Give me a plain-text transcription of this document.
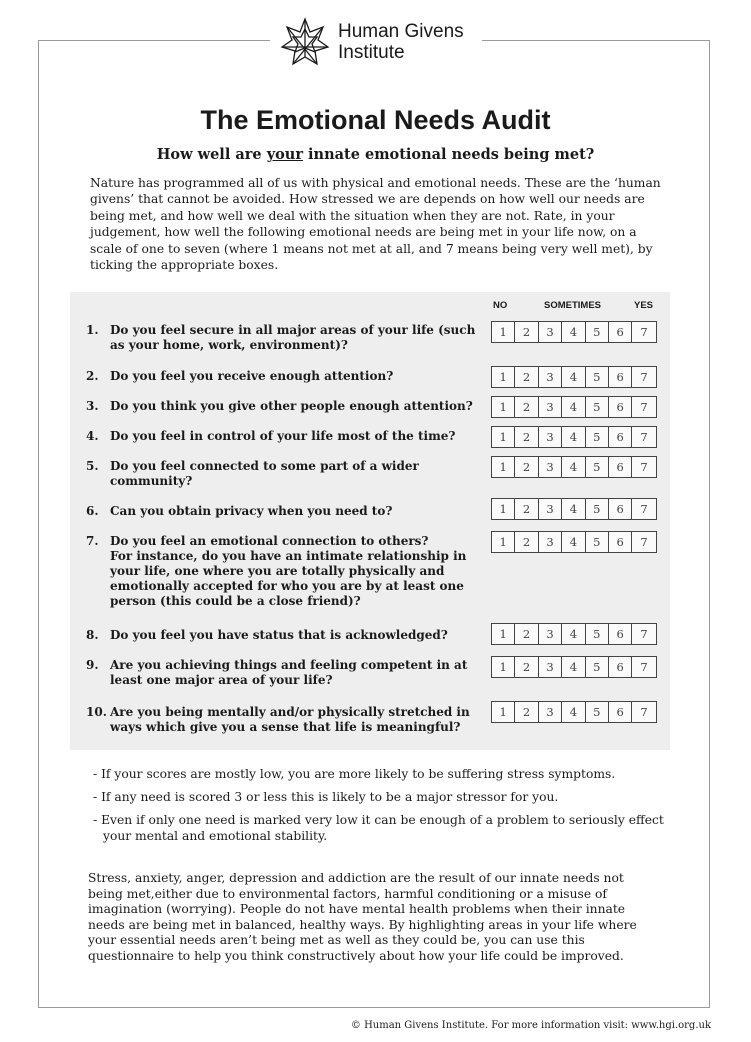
Human Givens
Institute
The Emotional Needs Audit
How well are your innate emotional needs being met?

Nature has programmed all of us with physical and emotional needs. These are the ‘human givens’ that cannot be avoided. How stressed we are depends on how well our needs are being met, and how well we deal with the situation when they are not. Rate, in your judgement, how well the following emotional needs are being met in your life now, on a scale of one to seven (where 1 means not met at all, and 7 means being very well met), by ticking the appropriate boxes.

NO	SOMETIMES	YES
1. Do you feel secure in all major areas of your life (such as your home, work, environment)?
1	2	3	4	5	6	7
2. Do you feel you receive enough attention?	1	2	3	4	5	6	7
3. Do you think you give other people enough attention?	1	2	3	4	5	6	7
4. Do you feel in control of your life most of the time?	1	2	3	4	5	6	7
5. Do you feel connected to some part of a wider community?
1	2	3	4	5	6	7
6. Can you obtain privacy when you need to?	1	2	3	4	5	6	7
7. Do you feel an emotional connection to others?
For instance, do you have an intimate relationship in your life, one where you are totally physically and emotionally accepted for who you are by at least one person (this could be a close friend)?
1	2	3	4	5	6	7
8. Do you feel you have status that is acknowledged?	1	2	3	4	5	6	7
9. Are you achieving things and feeling competent in at least one major area of your life?
1	2	3	4	5	6	7
10. Are you being mentally and/or physically stretched in ways which give you a sense that life is meaningful?
1	2	3	4	5	6	7
- If your scores are mostly low, you are more likely to be suffering stress symptoms.
- If any need is scored 3 or less this is likely to be a major stressor for you.
- Even if only one need is marked very low it can be enough of a problem to seriously effect your mental and emotional stability.

Stress, anxiety, anger, depression and addiction are the result of our innate needs not being met,either due to environmental factors, harmful conditioning or a misuse of imagination (worrying). People do not have mental health problems when their innate needs are being met in balanced, healthy ways. By highlighting areas in your life where your essential needs aren’t being met as well as they could be, you can use this questionnaire to help you think constructively about how your life could be improved.

© Human Givens Institute. For more information visit: www.hgi.org.uk
